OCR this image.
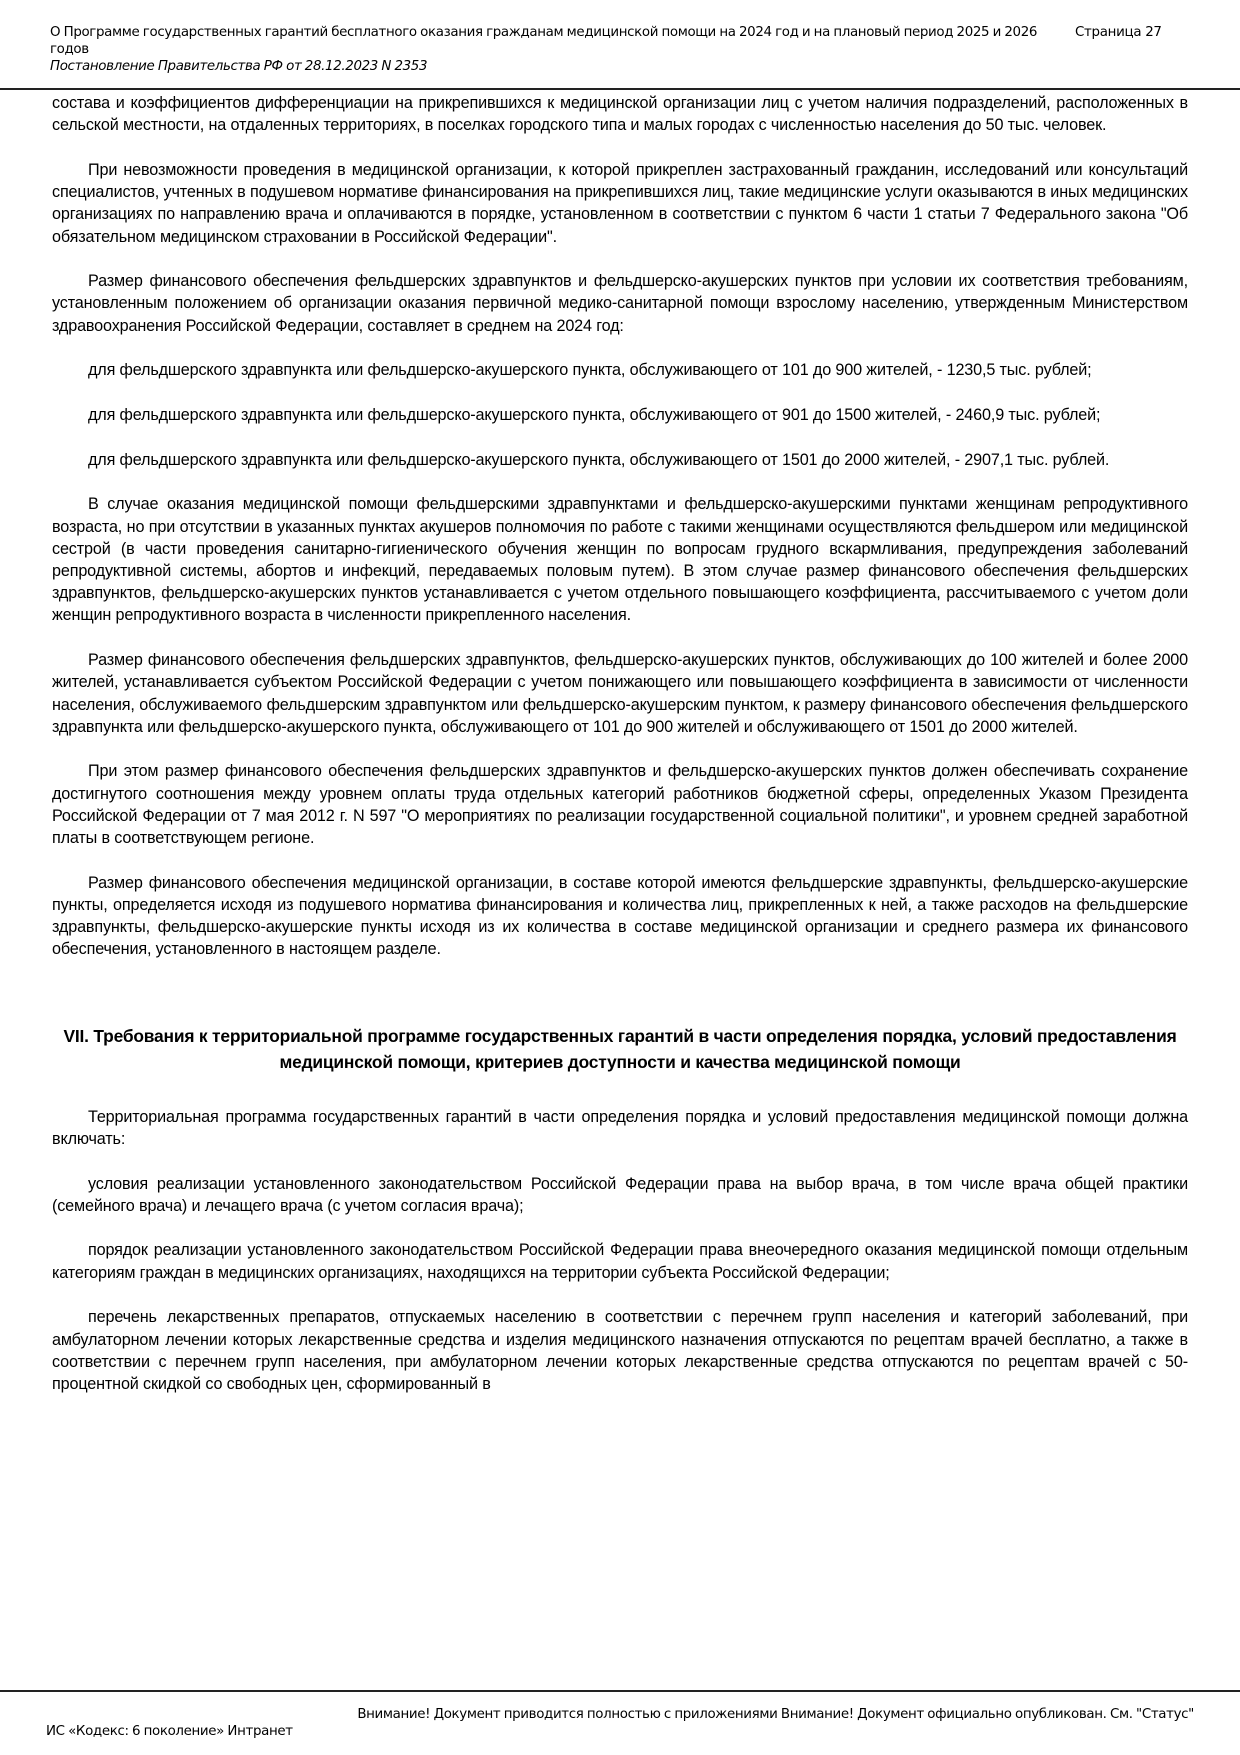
О Программе государственных гарантий бесплатного оказания гражданам медицинской помощи на 2024 год и на плановый период 2025 и 2026 годов
Постановление Правительства РФ от 28.12.2023 N 2353
Страница 27

состава и коэффициентов дифференциации на прикрепившихся к медицинской организации лиц с учетом наличия подразделений, расположенных в сельской местности, на отдаленных территориях, в поселках городского типа и малых городах с численностью населения до 50 тыс. человек.

При невозможности проведения в медицинской организации, к которой прикреплен застрахованный гражданин, исследований или консультаций специалистов, учтенных в подушевом нормативе финансирования на прикрепившихся лиц, такие медицинские услуги оказываются в иных медицинских организациях по направлению врача и оплачиваются в порядке, установленном в соответствии с пунктом 6 части 1 статьи 7 Федерального закона "Об обязательном медицинском страховании в Российской Федерации".

Размер финансового обеспечения фельдшерских здравпунктов и фельдшерско-акушерских пунктов при условии их соответствия требованиям, установленным положением об организации оказания первичной медико-санитарной помощи взрослому населению, утвержденным Министерством здравоохранения Российской Федерации, составляет в среднем на 2024 год:

для фельдшерского здравпункта или фельдшерско-акушерского пункта, обслуживающего от 101 до 900 жителей, - 1230,5 тыс. рублей;

для фельдшерского здравпункта или фельдшерско-акушерского пункта, обслуживающего от 901 до 1500 жителей, - 2460,9 тыс. рублей;

для фельдшерского здравпункта или фельдшерско-акушерского пункта, обслуживающего от 1501 до 2000 жителей, - 2907,1 тыс. рублей.

В случае оказания медицинской помощи фельдшерскими здравпунктами и фельдшерско-акушерскими пунктами женщинам репродуктивного возраста, но при отсутствии в указанных пунктах акушеров полномочия по работе с такими женщинами осуществляются фельдшером или медицинской сестрой (в части проведения санитарно-гигиенического обучения женщин по вопросам грудного вскармливания, предупреждения заболеваний репродуктивной системы, абортов и инфекций, передаваемых половым путем). В этом случае размер финансового обеспечения фельдшерских здравпунктов, фельдшерско-акушерских пунктов устанавливается с учетом отдельного повышающего коэффициента, рассчитываемого с учетом доли женщин репродуктивного возраста в численности прикрепленного населения.

Размер финансового обеспечения фельдшерских здравпунктов, фельдшерско-акушерских пунктов, обслуживающих до 100 жителей и более 2000 жителей, устанавливается субъектом Российской Федерации с учетом понижающего или повышающего коэффициента в зависимости от численности населения, обслуживаемого фельдшерским здравпунктом или фельдшерско-акушерским пунктом, к размеру финансового обеспечения фельдшерского здравпункта или фельдшерско-акушерского пункта, обслуживающего от 101 до 900 жителей и обслуживающего от 1501 до 2000 жителей.

При этом размер финансового обеспечения фельдшерских здравпунктов и фельдшерско-акушерских пунктов должен обеспечивать сохранение достигнутого соотношения между уровнем оплаты труда отдельных категорий работников бюджетной сферы, определенных Указом Президента Российской Федерации от 7 мая 2012 г. N 597 "О мероприятиях по реализации государственной социальной политики", и уровнем средней заработной платы в соответствующем регионе.

Размер финансового обеспечения медицинской организации, в составе которой имеются фельдшерские здравпункты, фельдшерско-акушерские пункты, определяется исходя из подушевого норматива финансирования и количества лиц, прикрепленных к ней, а также расходов на фельдшерские здравпункты, фельдшерско-акушерские пункты исходя из их количества в составе медицинской организации и среднего размера их финансового обеспечения, установленного в настоящем разделе.

VII. Требования к территориальной программе государственных гарантий в части определения порядка, условий предоставления медицинской помощи, критериев доступности и качества медицинской помощи

Территориальная программа государственных гарантий в части определения порядка и условий предоставления медицинской помощи должна включать:

условия реализации установленного законодательством Российской Федерации права на выбор врача, в том числе врача общей практики (семейного врача) и лечащего врача (с учетом согласия врача);

порядок реализации установленного законодательством Российской Федерации права внеочередного оказания медицинской помощи отдельным категориям граждан в медицинских организациях, находящихся на территории субъекта Российской Федерации;

перечень лекарственных препаратов, отпускаемых населению в соответствии с перечнем групп населения и категорий заболеваний, при амбулаторном лечении которых лекарственные средства и изделия медицинского назначения отпускаются по рецептам врачей бесплатно, а также в соответствии с перечнем групп населения, при амбулаторном лечении которых лекарственные средства отпускаются по рецептам врачей с 50-процентной скидкой со свободных цен, сформированный в

Внимание! Документ приводится полностью с приложениями Внимание! Документ официально опубликован. См. "Статус"
ИС «Кодекс: 6 поколение» Интранет
